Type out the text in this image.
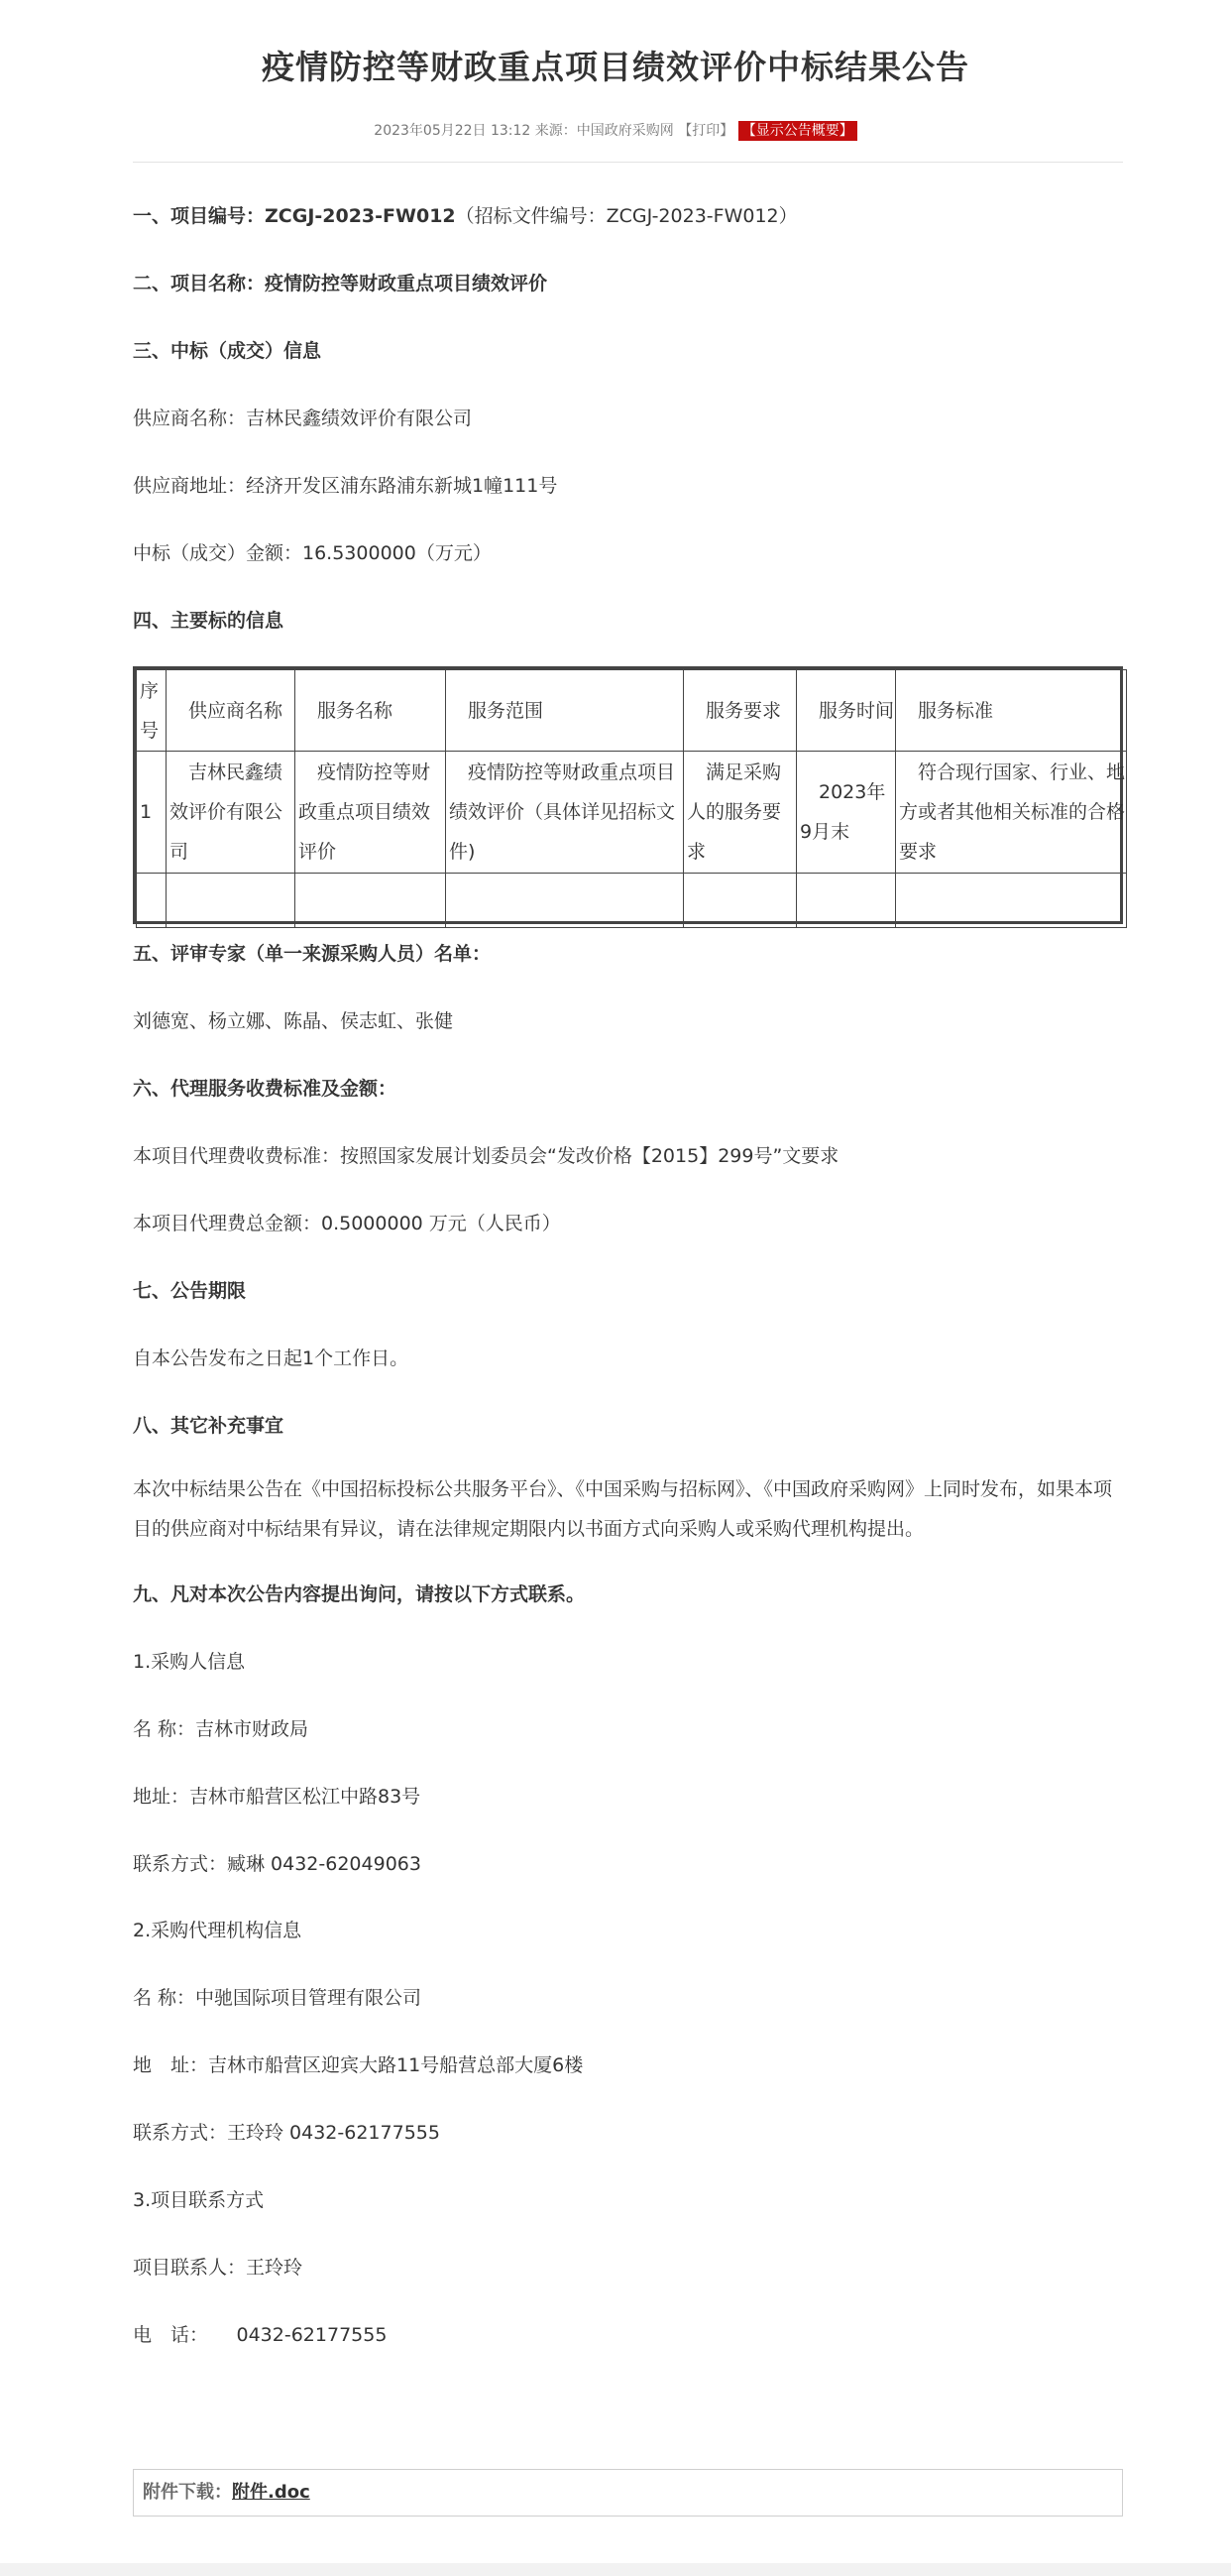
疫情防控等财政重点项目绩效评价中标结果公告
2023年05月22日 13:12 来源：中国政府采购网 【打印】 【显示公告概要】
一、项目编号：ZCGJ-2023-FW012（招标文件编号：ZCGJ-2023-FW012）
二、项目名称：疫情防控等财政重点项目绩效评价
三、中标（成交）信息
供应商名称：吉林民鑫绩效评价有限公司
供应商地址：经济开发区浦东路浦东新城1幢111号
中标（成交）金额：16.5300000（万元）
四、主要标的信息
序号	供应商名称	服务名称	服务范围	服务要求	服务时间	服务标准
1	吉林民鑫绩效评价有限公司	疫情防控等财政重点项目绩效评价	疫情防控等财政重点项目绩效评价（具体详见招标文件)	满足采购人的服务要求	2023年9月末	符合现行国家、行业、地方或者其他相关标准的合格要求

五、评审专家（单一来源采购人员）名单：
刘德宽、杨立娜、陈晶、侯志虹、张健
六、代理服务收费标准及金额：
本项目代理费收费标准：按照国家发展计划委员会“发改价格【2015】299号”文要求
本项目代理费总金额：0.5000000 万元（人民币）
七、公告期限
自本公告发布之日起1个工作日。
八、其它补充事宜
本次中标结果公告在《中国招标投标公共服务平台》、《中国采购与招标网》、《中国政府采购网》上同时发布，如果本项目的供应商对中标结果有异议，请在法律规定期限内以书面方式向采购人或采购代理机构提出。
九、凡对本次公告内容提出询问，请按以下方式联系。
1.采购人信息
名 称：吉林市财政局
地址：吉林市船营区松江中路83号
联系方式：臧琳 0432-62049063
2.采购代理机构信息
名 称：中驰国际项目管理有限公司
地　址：吉林市船营区迎宾大路11号船营总部大厦6楼
联系方式：王玲玲 0432-62177555
3.项目联系方式
项目联系人：王玲玲
电　话：　　0432-62177555
附件下载：附件.doc
